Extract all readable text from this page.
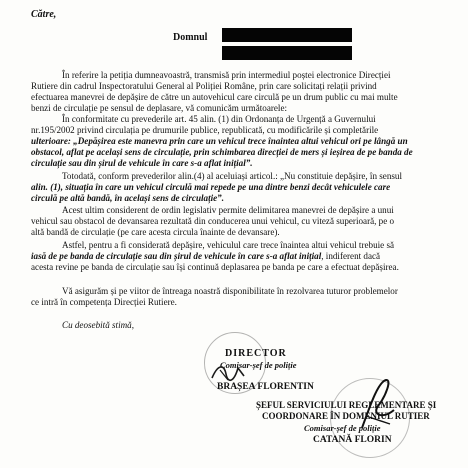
Către,
Domnul
În referire la petiția dumneavoastră, transmisă prin intermediul poștei electronice Direcției
Rutiere din cadrul Inspectoratului General al Poliției Române, prin care solicitați relații privind
efectuarea manevrei de depășire de către un autovehicul care circulă pe un drum public cu mai multe
benzi de circulație pe sensul de deplasare, vă comunicăm următoarele:
În conformitate cu prevederile art. 45 alin. (1) din Ordonanța de Urgență a Guvernului
nr.195/2002 privind circulația pe drumurile publice, republicată, cu modificările și completările
ulterioare: „Depășirea este manevra prin care un vehicul trece înaintea altui vehicul ori pe lângă un
obstacol, aflat pe același sens de circulație, prin schimbarea direcției de mers și ieșirea de pe banda de
circulație sau din șirul de vehicule în care s-a aflat inițial”.
Totodată, conform prevederilor alin.(4) al aceluiași articol.: „Nu constituie depășire, în sensul
alin. (1), situația în care un vehicul circulă mai repede pe una dintre benzi decât vehiculele care
circulă pe altă bandă, în același sens de circulație”.
Acest ultim considerent de ordin legislativ permite delimitarea manevrei de depășire a unui
vehicul sau obstacol de devansarea rezultată din conducerea unui vehicul, cu viteză superioară, pe o
altă bandă de circulație (pe care acesta circula înainte de devansare).
Astfel, pentru a fi considerată depășire, vehiculul care trece înaintea altui vehicul trebuie să
iasă de pe banda de circulație sau din șirul de vehicule în care s-a aflat inițial, indiferent dacă
acesta revine pe banda de circulație sau își continuă deplasarea pe banda pe care a efectuat depășirea.
Vă asigurăm și pe viitor de întreaga noastră disponibilitate în rezolvarea tuturor problemelor
ce intră în competența Direcției Rutiere.
Cu deosebită stimă,
DIRECTOR
Comisar-șef de poliție
BRAȘEA FLORENTIN
ȘEFUL SERVICIULUI REGLEMENTARE ȘI
COORDONARE ÎN DOMENIUL RUTIER
Comisar-șef de poliție
CATANĂ FLORIN
